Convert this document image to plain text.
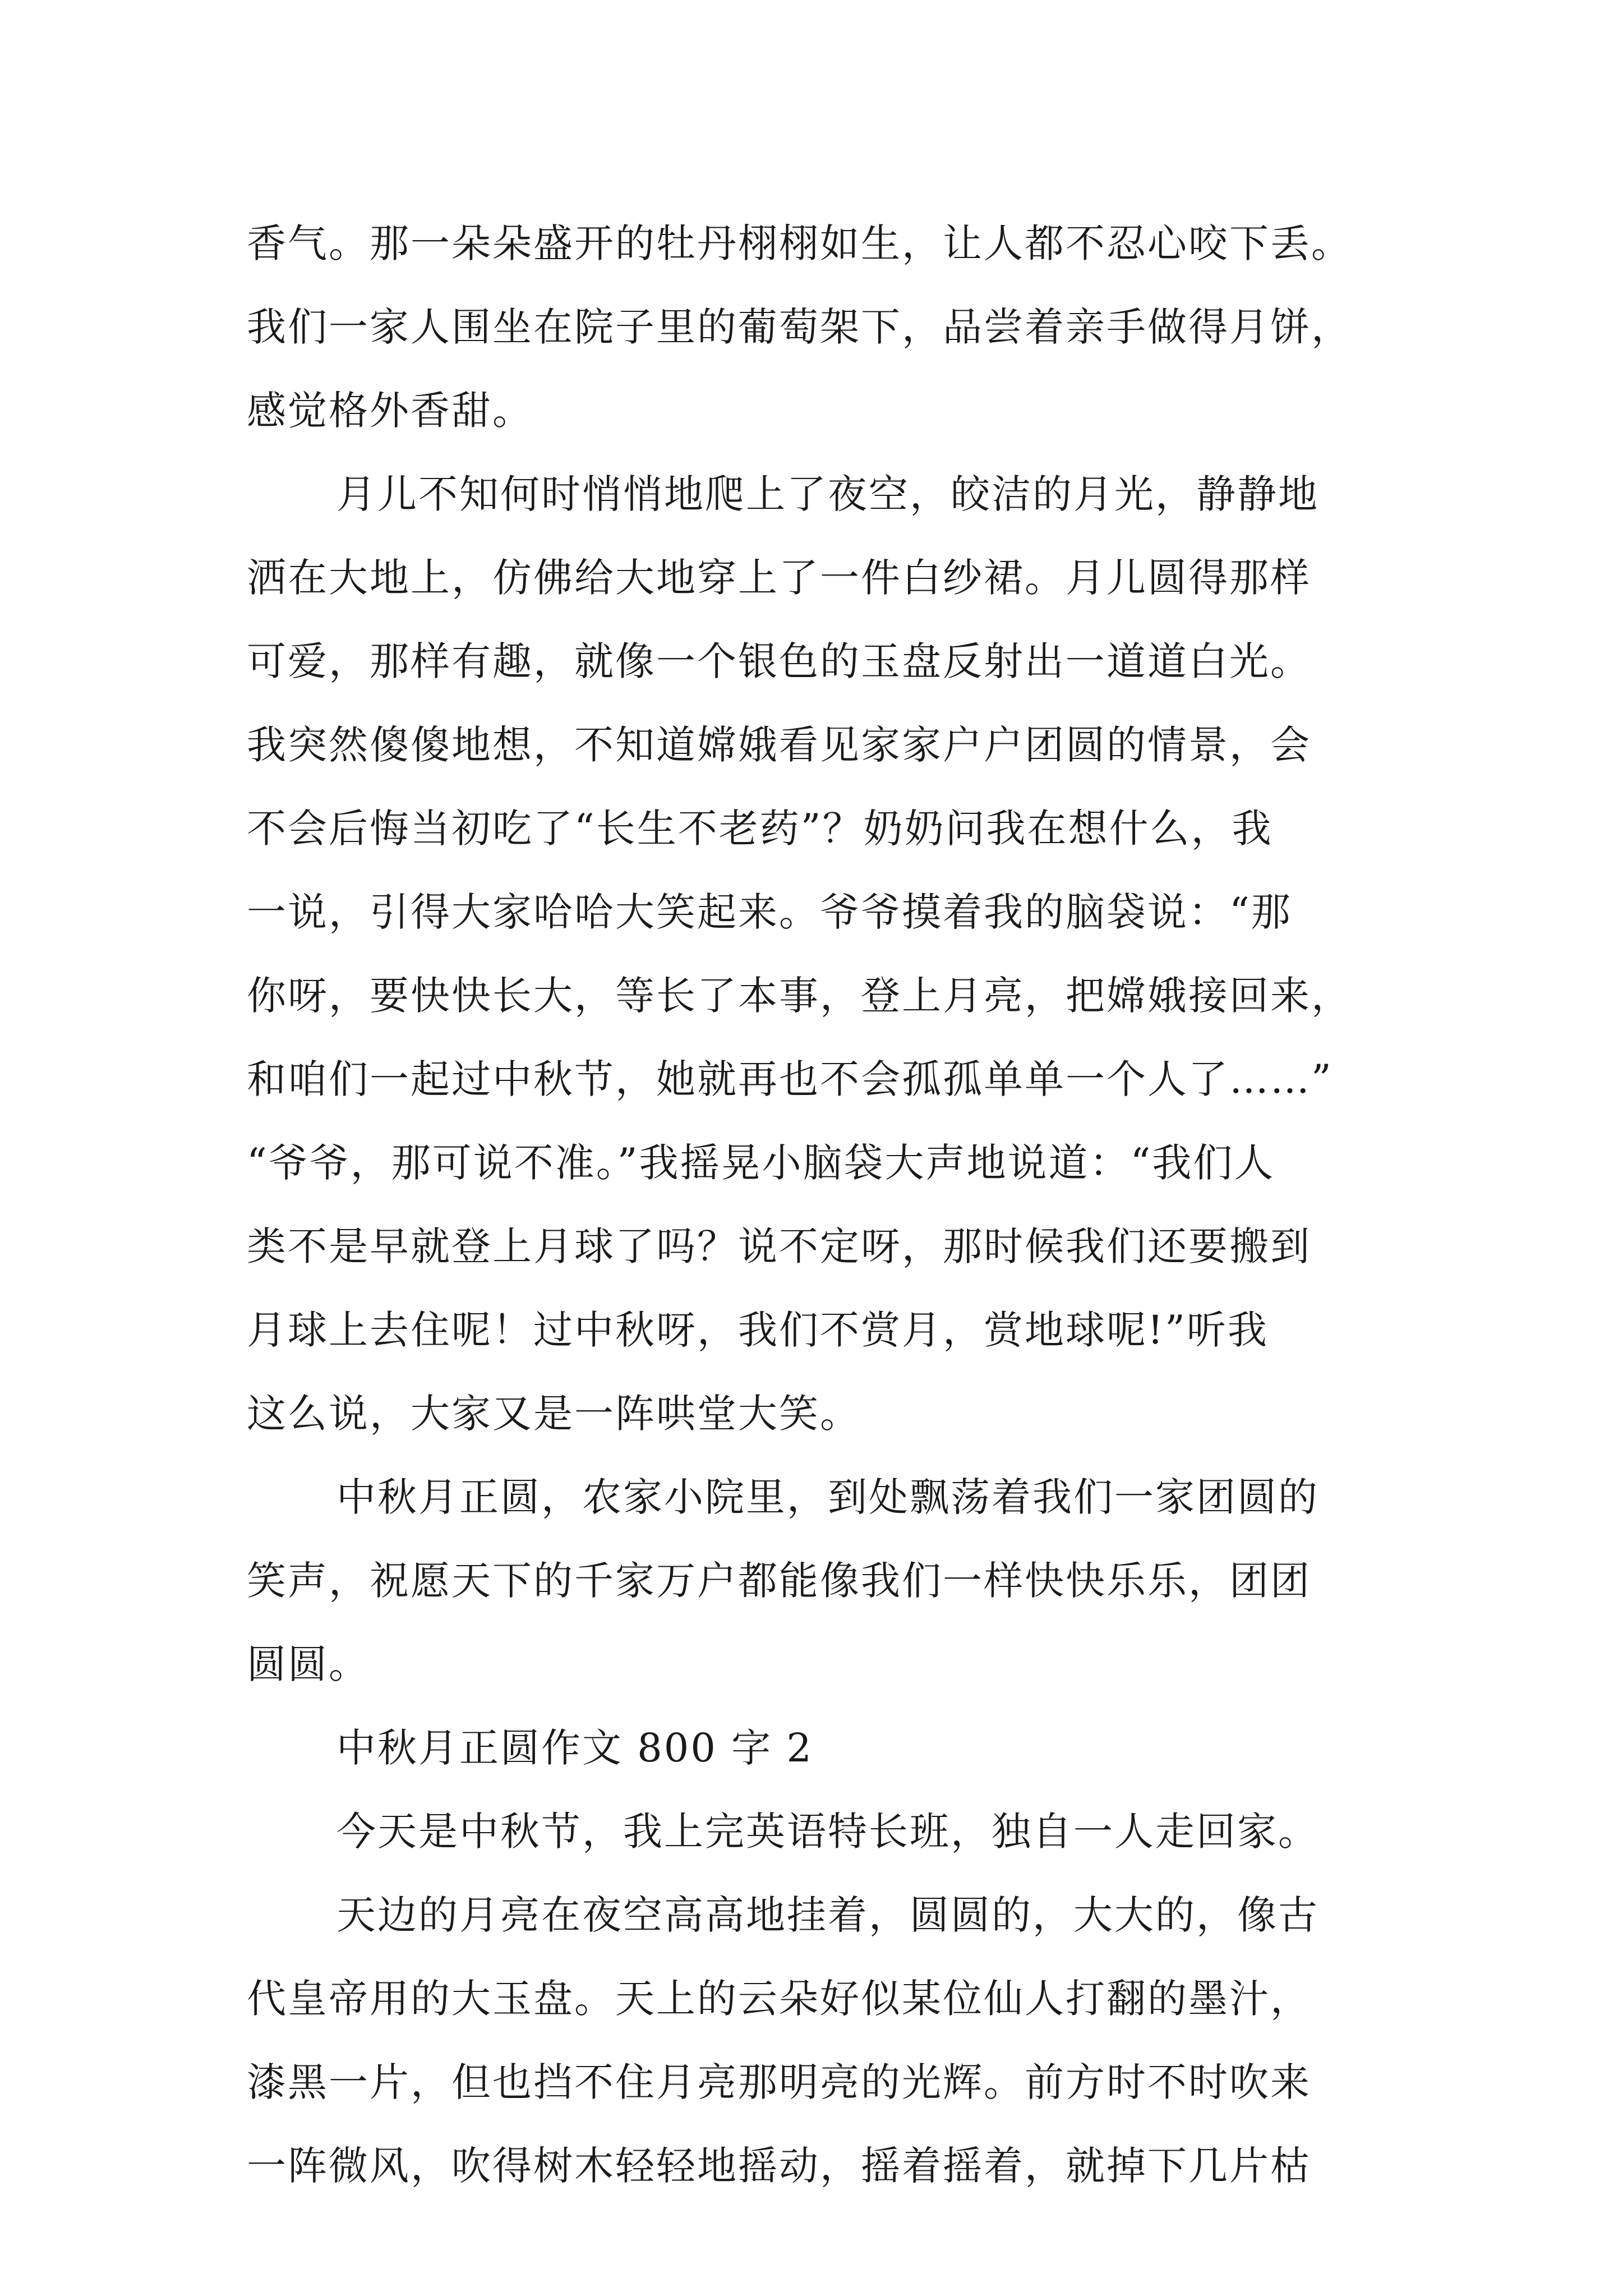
香气。那一朵朵盛开的牡丹栩栩如生，让人都不忍心咬下丢。
我们一家人围坐在院子里的葡萄架下，品尝着亲手做得月饼，
感觉格外香甜。
月儿不知何时悄悄地爬上了夜空，皎洁的月光，静静地
洒在大地上，仿佛给大地穿上了一件白纱裙。月儿圆得那样
可爱，那样有趣，就像一个银色的玉盘反射出一道道白光。
我突然傻傻地想，不知道嫦娥看见家家户户团圆的情景，会
不会后悔当初吃了“长生不老药”？奶奶问我在想什么，我
一说，引得大家哈哈大笑起来。爷爷摸着我的脑袋说：“那
你呀，要快快长大，等长了本事，登上月亮，把嫦娥接回来，
和咱们一起过中秋节，她就再也不会孤孤单单一个人了……”
“爷爷，那可说不准。”我摇晃小脑袋大声地说道：“我们人
类不是早就登上月球了吗？说不定呀，那时候我们还要搬到
月球上去住呢！过中秋呀，我们不赏月，赏地球呢!”听我
这么说，大家又是一阵哄堂大笑。
中秋月正圆，农家小院里，到处飘荡着我们一家团圆的
笑声，祝愿天下的千家万户都能像我们一样快快乐乐，团团
圆圆。
中秋月正圆作文 800 字 2
今天是中秋节，我上完英语特长班，独自一人走回家。
天边的月亮在夜空高高地挂着，圆圆的，大大的，像古
代皇帝用的大玉盘。天上的云朵好似某位仙人打翻的墨汁，
漆黑一片，但也挡不住月亮那明亮的光辉。前方时不时吹来
一阵微风，吹得树木轻轻地摇动，摇着摇着，就掉下几片枯
